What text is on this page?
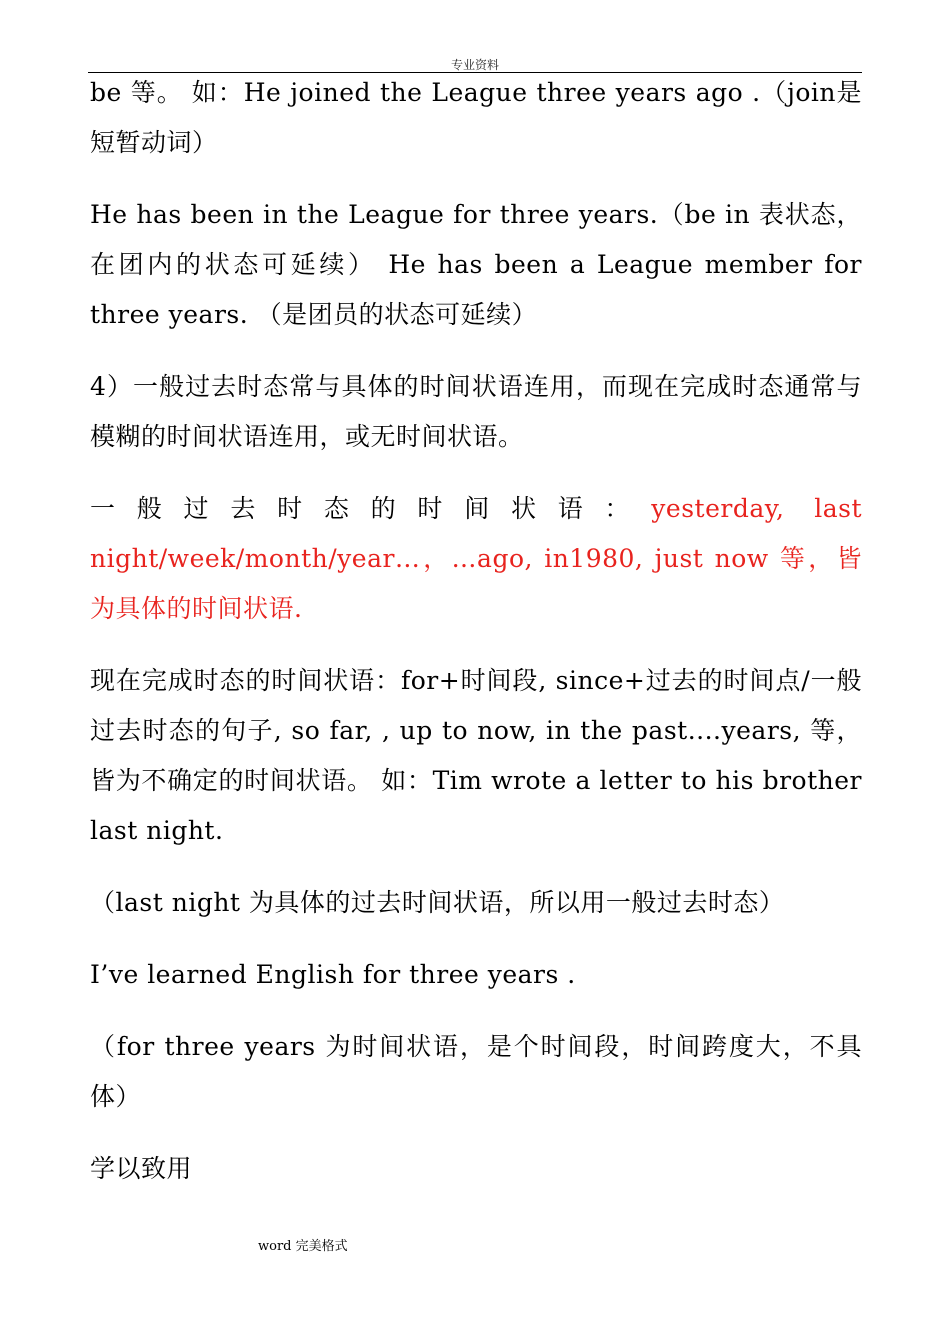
专业资料

be 等。 如：He joined the League three years ago .（join是短暂动词）

He has been in the League for three years.（be in 表状态，在团内的状态可延续） He has been a League member for three years. （是团员的状态可延续）

4）一般过去时态常与具体的时间状语连用，而现在完成时态通常与模糊的时间状语连用，或无时间状语。

一般过去时态的时间状语：yesterday, last night/week/month/year…，…ago, in1980, just now 等，皆为具体的时间状语.

现在完成时态的时间状语：for+时间段, since+过去的时间点/一般过去时态的句子, so far, , up to now, in the past....years, 等，皆为不确定的时间状语。 如：Tim wrote a letter to his brother last night.

（last night 为具体的过去时间状语，所以用一般过去时态）

I’ve learned English for three years .

（for three years 为时间状语，是个时间段，时间跨度大，不具体）

学以致用

word 完美格式
